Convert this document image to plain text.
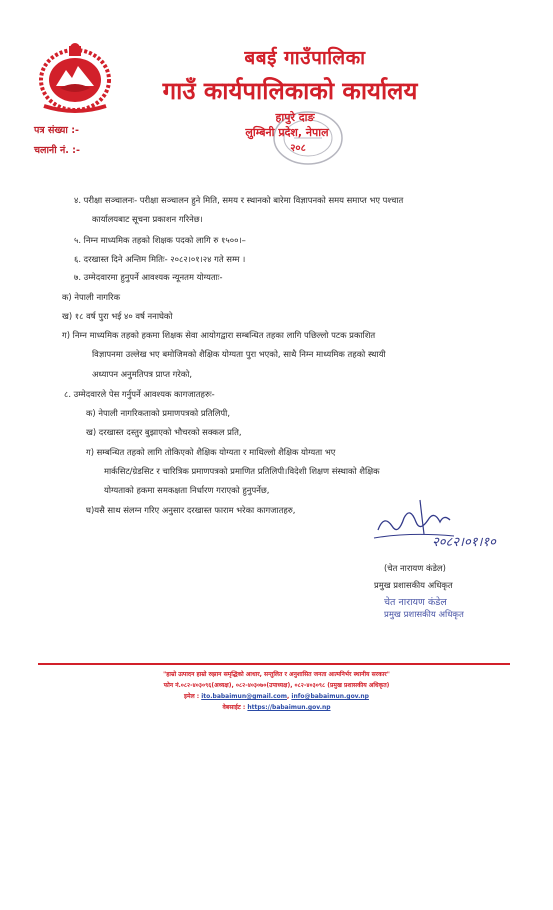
बबई गाउँपालिका
गाउँ कार्यपालिकाको कार्यालय
हापुरे दाङ
लुम्बिनी प्रदेश, नेपाल
२०८
पत्र संख्या :-
चलानी नं. :-
४. परीक्षा सञ्चालनः- परीक्षा सञ्चालन हुने मिति, समय र स्थानको बारेमा विज्ञापनको समय समाप्त भए पश्चात
कार्यालयबाट सूचना प्रकाशन गरिनेछ।
५. निम्न माध्यमिक तहको शिक्षक पदको लागि रु १५००।–
६. दरखास्त दिने अन्तिम मितिः- २०८२।०१।२४ गते सम्म ।
७. उम्मेदवारमा हुनुपर्ने आवश्यक न्यूनतम योग्यताः-
क) नेपाली नागरिक
ख) १८ वर्ष पुरा भई ४० वर्ष ननाघेको
ग) निम्न माध्यमिक तहको हकमा शिक्षक सेवा आयोगद्वारा सम्बन्धित तहका लागि पछिल्लो पटक प्रकाशित
विज्ञापनमा उल्लेख भए बमोजिमको शैक्षिक योग्यता पुरा भएको, साथै निम्न माध्यमिक तहको स्थायी
अध्यापन अनुमतिपत्र प्राप्त गरेको,
८. उम्मेदवारले पेस गर्नुपर्ने आवश्यक कागजातहरुः-
क) नेपाली नागरिकताको प्रमाणपत्रको प्रतिलिपी,
ख) दरखास्त दस्तुर बुझाएको भौचरको सक्कल प्रति,
ग) सम्बन्धित तहको लागि तोकिएको शैक्षिक योग्यता र माथिल्लो शैक्षिक योग्यता भए
मार्कसिट/ग्रेडसिट र चारित्रिक प्रमाणपत्रको प्रमाणित प्रतिलिपी।विदेशी शिक्षण संस्थाको शैक्षिक
योग्यताको हकमा समकक्षता निर्धारण गराएको हुनुपर्नेछ,
घ)यसै साथ संलग्न गरिए अनुसार दरखास्त फाराम भरेका कागजातहरु,
२०८२।०१।१०
(चेत नारायण कंडेल)
प्रमुख प्रशासकीय अधिकृत
चेत नारायण कंडेल
प्रमुख प्रशासकीय अधिकृत
"हाम्रो उत्पादन हाम्रो रुझान समृद्धिको आधार, सन्तुलित र अनुशासित जनता आत्मनिर्भर स्थानीय सरकार"
फोन नं.०८२-४०३०९६(अध्यक्ष), ०८२-४०३०७०(उपाध्यक्ष), ०८२-४०३०९८ (प्रमुख प्रशासकीय अधिकृत)
इमेल : ito.babaimun@gmail.com, info@babaimun.gov.np
वेबसाईट : https://babaimun.gov.np
